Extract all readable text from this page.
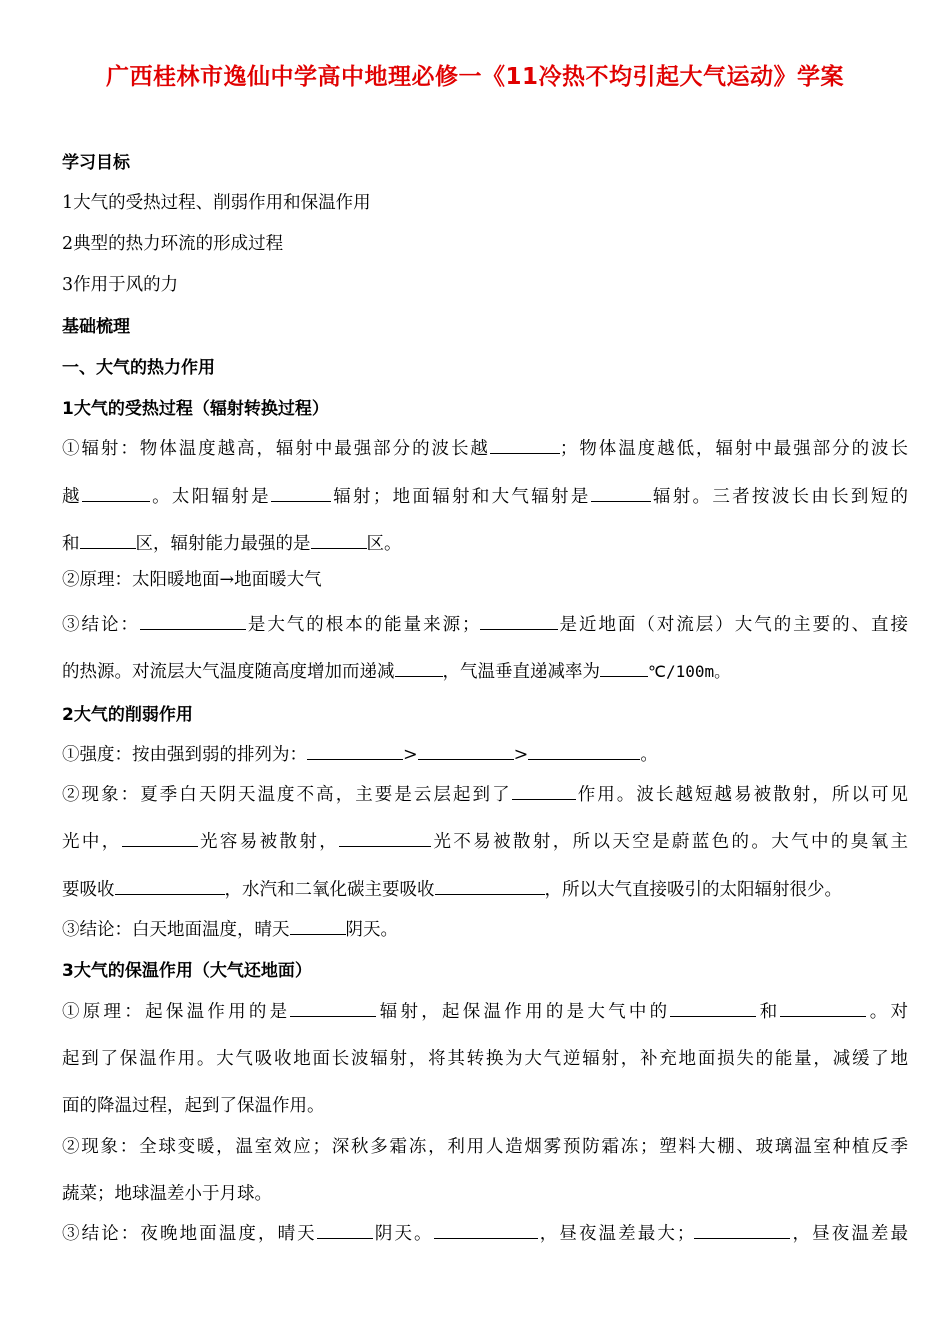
广西桂林市逸仙中学高中地理必修一《11冷热不均引起大气运动》学案
学习目标
1大气的受热过程、削弱作用和保温作用
2典型的热力环流的形成过程
3作用于风的力
基础梳理
一、大气的热力作用
1大气的受热过程（辐射转换过程）
①辐射：物体温度越高，辐射中最强部分的波长越	；物体温度越低，辐射中最强部分的波长
越	。太阳辐射是	辐射；地面辐射和大气辐射是	辐射。三者按波长由长到短的
和	区，辐射能力最强的是	区。
②原理：太阳暖地面→地面暖大气
③结论：	是大气的根本的能量来源；	是近地面（对流层）大气的主要的、直接
的热源。对流层大气温度随高度增加而递减	，气温垂直递减率为	℃/100m。
2大气的削弱作用
①强度：按由强到弱的排列为：	>	>	。
②现象：夏季白天阴天温度不高，主要是云层起到了	作用。波长越短越易被散射，所以可见
光中，	光容易被散射，	光不易被散射，所以天空是蔚蓝色的。大气中的臭氧主
要吸收	，水汽和二氧化碳主要吸收	，所以大气直接吸引的太阳辐射很少。
③结论：白天地面温度，晴天	阴天。
3大气的保温作用（大气还地面）
①原理：起保温作用的是	辐射，起保温作用的是大气中的	和	。对
起到了保温作用。大气吸收地面长波辐射，将其转换为大气逆辐射，补充地面损失的能量，减缓了地
面的降温过程，起到了保温作用。
②现象：全球变暖，温室效应；深秋多霜冻，利用人造烟雾预防霜冻；塑料大棚、玻璃温室种植反季
蔬菜；地球温差小于月球。
③结论：夜晚地面温度，晴天	阴天。	，昼夜温差最大；	，昼夜温差最
